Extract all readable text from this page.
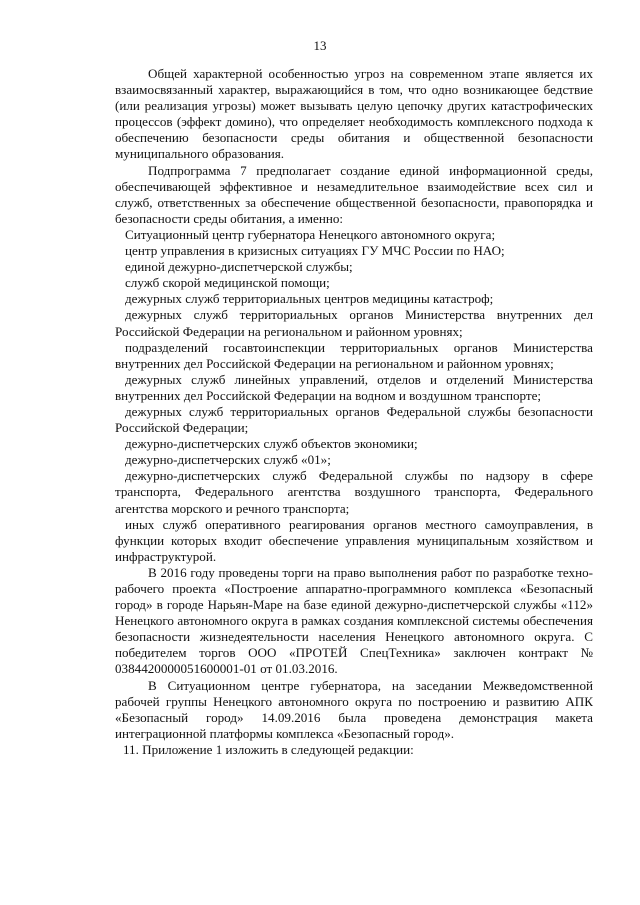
13

Общей характерной особенностью угроз на современном этапе является их взаимосвязанный характер, выражающийся в том, что одно возникающее бедствие (или реализация угрозы) может вызывать целую цепочку других катастрофических процессов (эффект домино), что определяет необходимость комплексного подхода к обеспечению безопасности среды обитания и общественной безопасности муниципального образования.

Подпрограмма 7 предполагает создание единой информационной среды, обеспечивающей эффективное и незамедлительное взаимодействие всех сил и служб, ответственных за обеспечение общественной безопасности, правопорядка и безопасности среды обитания, а именно:

Ситуационный центр губернатора Ненецкого автономного округа;

центр управления в кризисных ситуациях ГУ МЧС России по НАО;

единой дежурно-диспетчерской службы;

служб скорой медицинской помощи;

дежурных служб территориальных центров медицины катастроф;

дежурных служб территориальных органов Министерства внутренних дел Российской Федерации на региональном и районном уровнях;

подразделений госавтоинспекции территориальных органов Министерства внутренних дел Российской Федерации на региональном и районном уровнях;

дежурных служб линейных управлений, отделов и отделений Министерства внутренних дел Российской Федерации на водном и воздушном транспорте;

дежурных служб территориальных органов Федеральной службы безопасности Российской Федерации;

дежурно-диспетчерских служб объектов экономики;

дежурно-диспетчерских служб «01»;

дежурно-диспетчерских служб Федеральной службы по надзору в сфере транспорта, Федерального агентства воздушного транспорта, Федерального агентства морского и речного транспорта;

иных служб оперативного реагирования органов местного самоуправления, в функции которых входит обеспечение управления муниципальным хозяйством и инфраструктурой.

В 2016 году проведены торги на право выполнения работ по разработке техно-рабочего проекта «Построение аппаратно-программного комплекса «Безопасный город» в городе Нарьян-Маре на базе единой дежурно-диспетчерской службы «112» Ненецкого автономного округа в рамках создания комплексной системы обеспечения безопасности жизнедеятельности населения Ненецкого автономного округа. С победителем торгов ООО «ПРОТЕЙ СпецТехника» заключен контракт № 0384420000051600001-01 от 01.03.2016.

В Ситуационном центре губернатора, на заседании Межведомственной рабочей группы Ненецкого автономного округа по построению и развитию АПК «Безопасный город» 14.09.2016 была проведена демонстрация макета интеграционной платформы комплекса «Безопасный город».

11. Приложение 1 изложить в следующей редакции:
